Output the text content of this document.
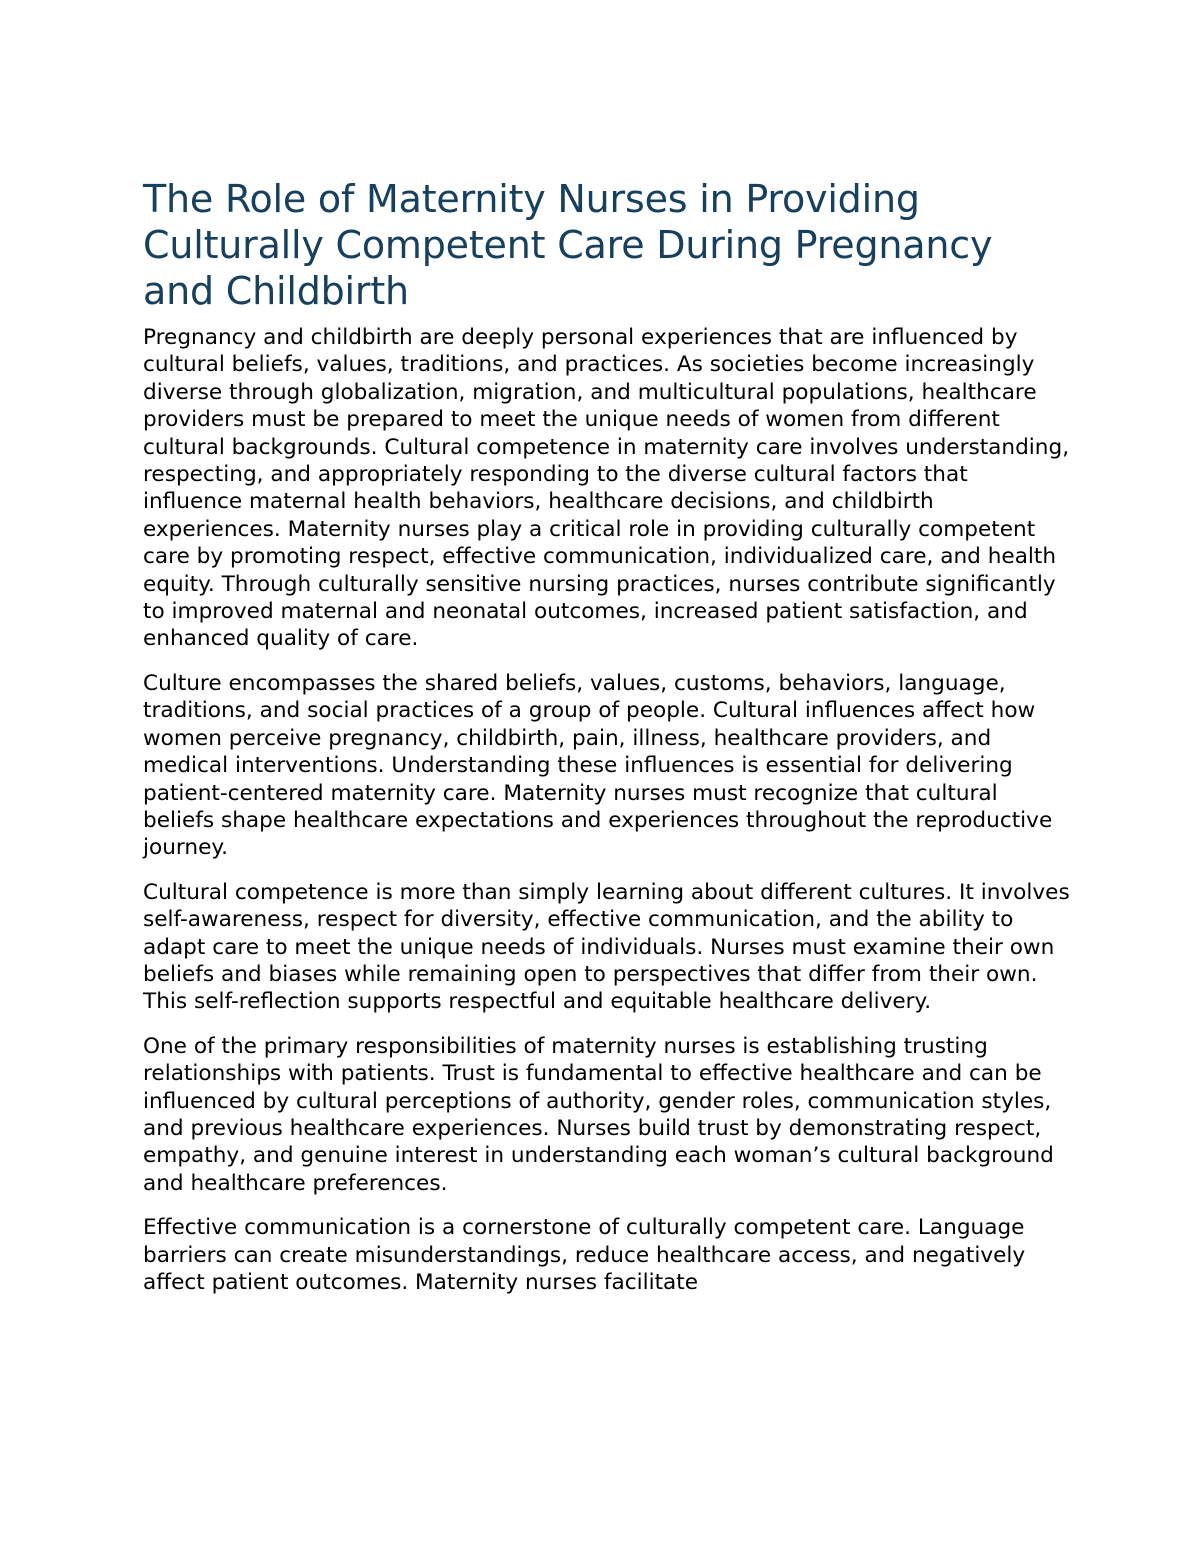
The Role of Maternity Nurses in Providing Culturally Competent Care During Pregnancy and Childbirth

Pregnancy and childbirth are deeply personal experiences that are influenced by cultural beliefs, values, traditions, and practices. As societies become increasingly diverse through globalization, migration, and multicultural populations, healthcare providers must be prepared to meet the unique needs of women from different cultural backgrounds. Cultural competence in maternity care involves understanding, respecting, and appropriately responding to the diverse cultural factors that influence maternal health behaviors, healthcare decisions, and childbirth experiences. Maternity nurses play a critical role in providing culturally competent care by promoting respect, effective communication, individualized care, and health equity. Through culturally sensitive nursing practices, nurses contribute significantly to improved maternal and neonatal outcomes, increased patient satisfaction, and enhanced quality of care.

Culture encompasses the shared beliefs, values, customs, behaviors, language, traditions, and social practices of a group of people. Cultural influences affect how women perceive pregnancy, childbirth, pain, illness, healthcare providers, and medical interventions. Understanding these influences is essential for delivering patient-centered maternity care. Maternity nurses must recognize that cultural beliefs shape healthcare expectations and experiences throughout the reproductive journey.

Cultural competence is more than simply learning about different cultures. It involves self-awareness, respect for diversity, effective communication, and the ability to adapt care to meet the unique needs of individuals. Nurses must examine their own beliefs and biases while remaining open to perspectives that differ from their own. This self-reflection supports respectful and equitable healthcare delivery.

One of the primary responsibilities of maternity nurses is establishing trusting relationships with patients. Trust is fundamental to effective healthcare and can be influenced by cultural perceptions of authority, gender roles, communication styles, and previous healthcare experiences. Nurses build trust by demonstrating respect, empathy, and genuine interest in understanding each woman’s cultural background and healthcare preferences.

Effective communication is a cornerstone of culturally competent care. Language barriers can create misunderstandings, reduce healthcare access, and negatively affect patient outcomes. Maternity nurses facilitate
